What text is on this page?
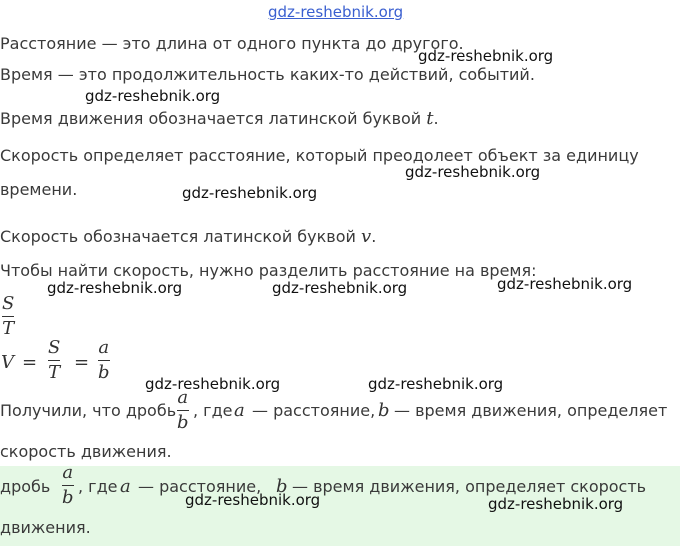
gdz-reshebnik.org
Расстояние — это длина от одного пункта до другого.
Время — это продолжительность каких-то действий, событий.
Время движения обозначается латинской буквой t.
Скорость определяет расстояние, который преодолеет объект за единицу
времени.
Скорость обозначается латинской буквой v.
Чтобы найти скорость, нужно разделить расстояние на время:
S
T
V =
S
T =
a
b
Получили, что дробь
a
b
, где a — расстояние, b — время движения, определяет
скорость движения.
дробь
a
b
, где a — расстояние, b — время движения, определяет скорость
движения.
gdz-reshebnik.org
gdz-reshebnik.org
gdz-reshebnik.org
gdz-reshebnik.org
gdz-reshebnik.org	gdz-reshebnik.org	gdz-reshebnik.org
gdz-reshebnik.org	gdz-reshebnik.org
gdz-reshebnik.org	gdz-reshebnik.org
